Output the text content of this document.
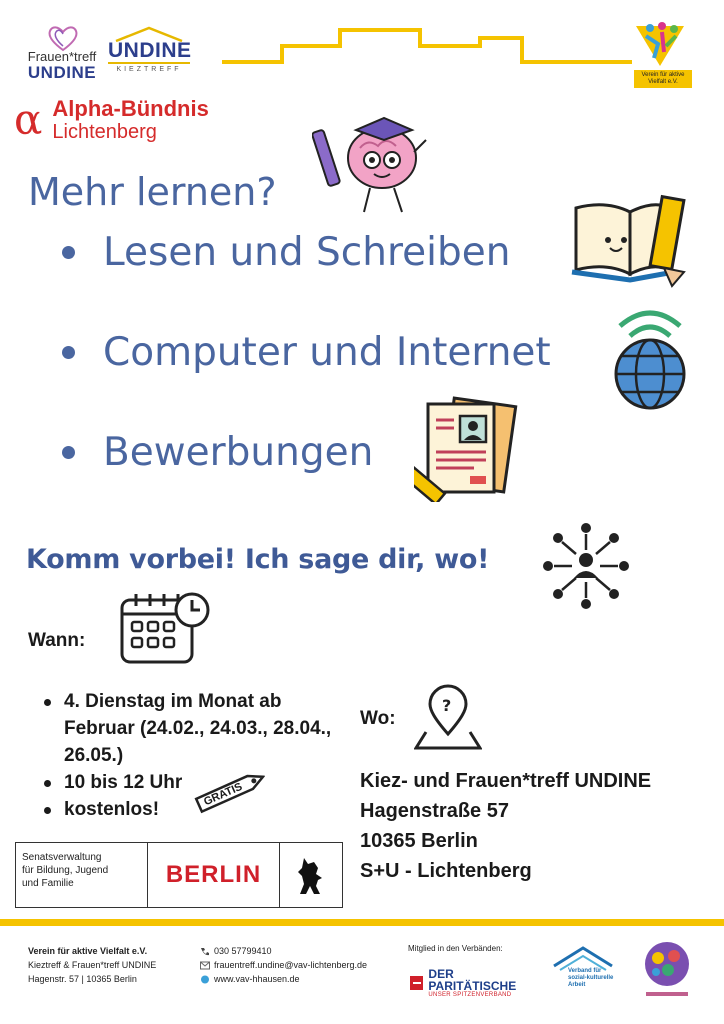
Frauen*treff
UNDINE
UNDINE
KIEZTREFF
α Alpha-Bündnis
Lichtenberg
Verein für aktive Vielfalt e.V.
Mehr lernen?
Lesen und Schreiben
Computer und Internet
Bewerbungen
Komm vorbei! Ich sage dir, wo!
Wann:
4. Dienstag im Monat ab Februar (24.02., 24.03., 28.04., 26.05.)
10 bis 12 Uhr
kostenlos!
GRATIS
Wo:
?
Kiez- und Frauen*treff UNDINE
Hagenstraße 57
10365 Berlin
S+U - Lichtenberg
Senatsverwaltung
für Bildung, Jugend
und Familie	BERLIN
Verein für aktive Vielfalt e.V.
Kieztreff & Frauen*treff UNDINE
Hagenstr. 57 | 10365 Berlin
030 57799410
frauentreff.undine@vav-lichtenberg.de
www.vav-hhausen.de
Mitglied in den Verbänden:
DER PARITÄTISCHE
UNSER SPITZENVERBAND
Verband für
sozial-kulturelle
Arbeit
